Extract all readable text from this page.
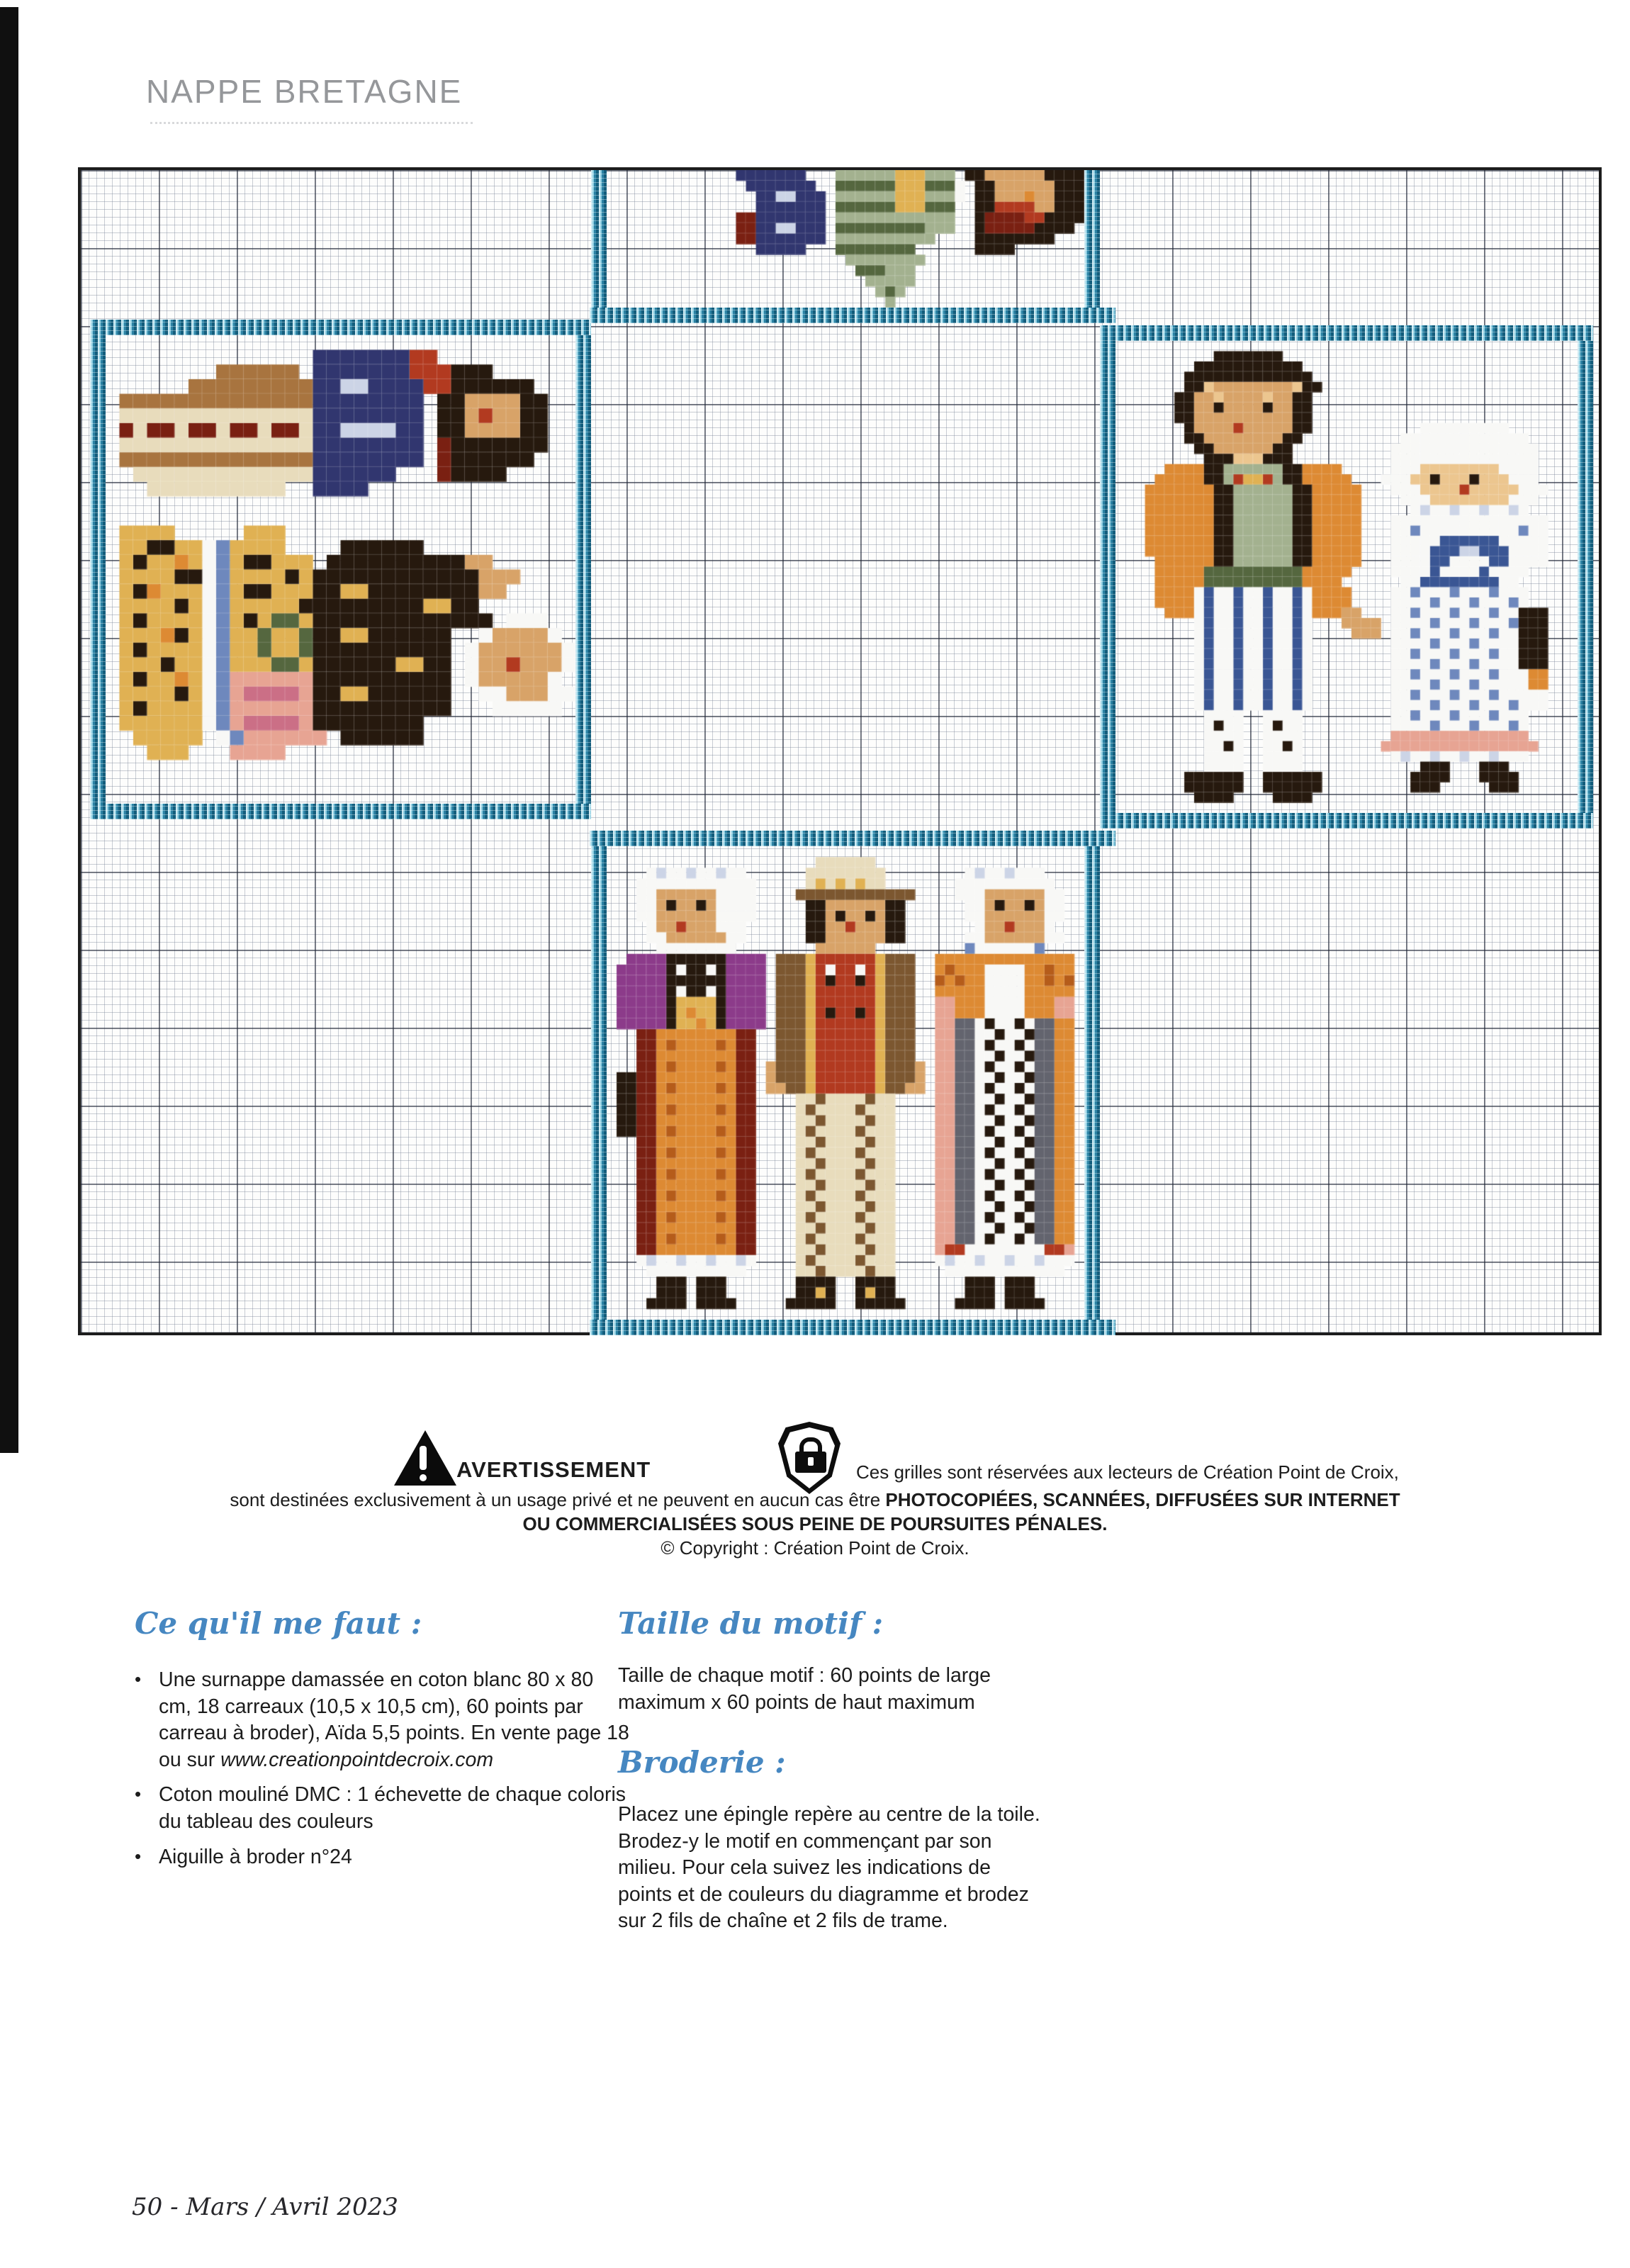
NAPPE BRETAGNE
AVERTISSEMENT	Ces grilles sont réservées aux lecteurs de Création Point de Croix,
sont destinées exclusivement à un usage privé et ne peuvent en aucun cas être PHOTOCOPIÉES, SCANNÉES, DIFFUSÉES SUR INTERNET
OU COMMERCIALISÉES SOUS PEINE DE POURSUITES PÉNALES.
© Copyright : Création Point de Croix.
Ce qu'il me faut :
• Une surnappe damassée en coton blanc 80 x 80 cm, 18 carreaux (10,5 x 10,5 cm), 60 points par carreau à broder), Aïda 5,5 points. En vente page 18 ou sur www.creationpointdecroix.com
• Coton mouliné DMC : 1 échevette de chaque coloris du tableau des couleurs
• Aiguille à broder n°24
Taille du motif :
Taille de chaque motif : 60 points de large maximum x 60 points de haut maximum
Broderie :
Placez une épingle repère au centre de la toile. Brodez-y le motif en commençant par son milieu. Pour cela suivez les indications de points et de couleurs du diagramme et brodez sur 2 fils de chaîne et 2 fils de trame.
50 - Mars / Avril 2023
